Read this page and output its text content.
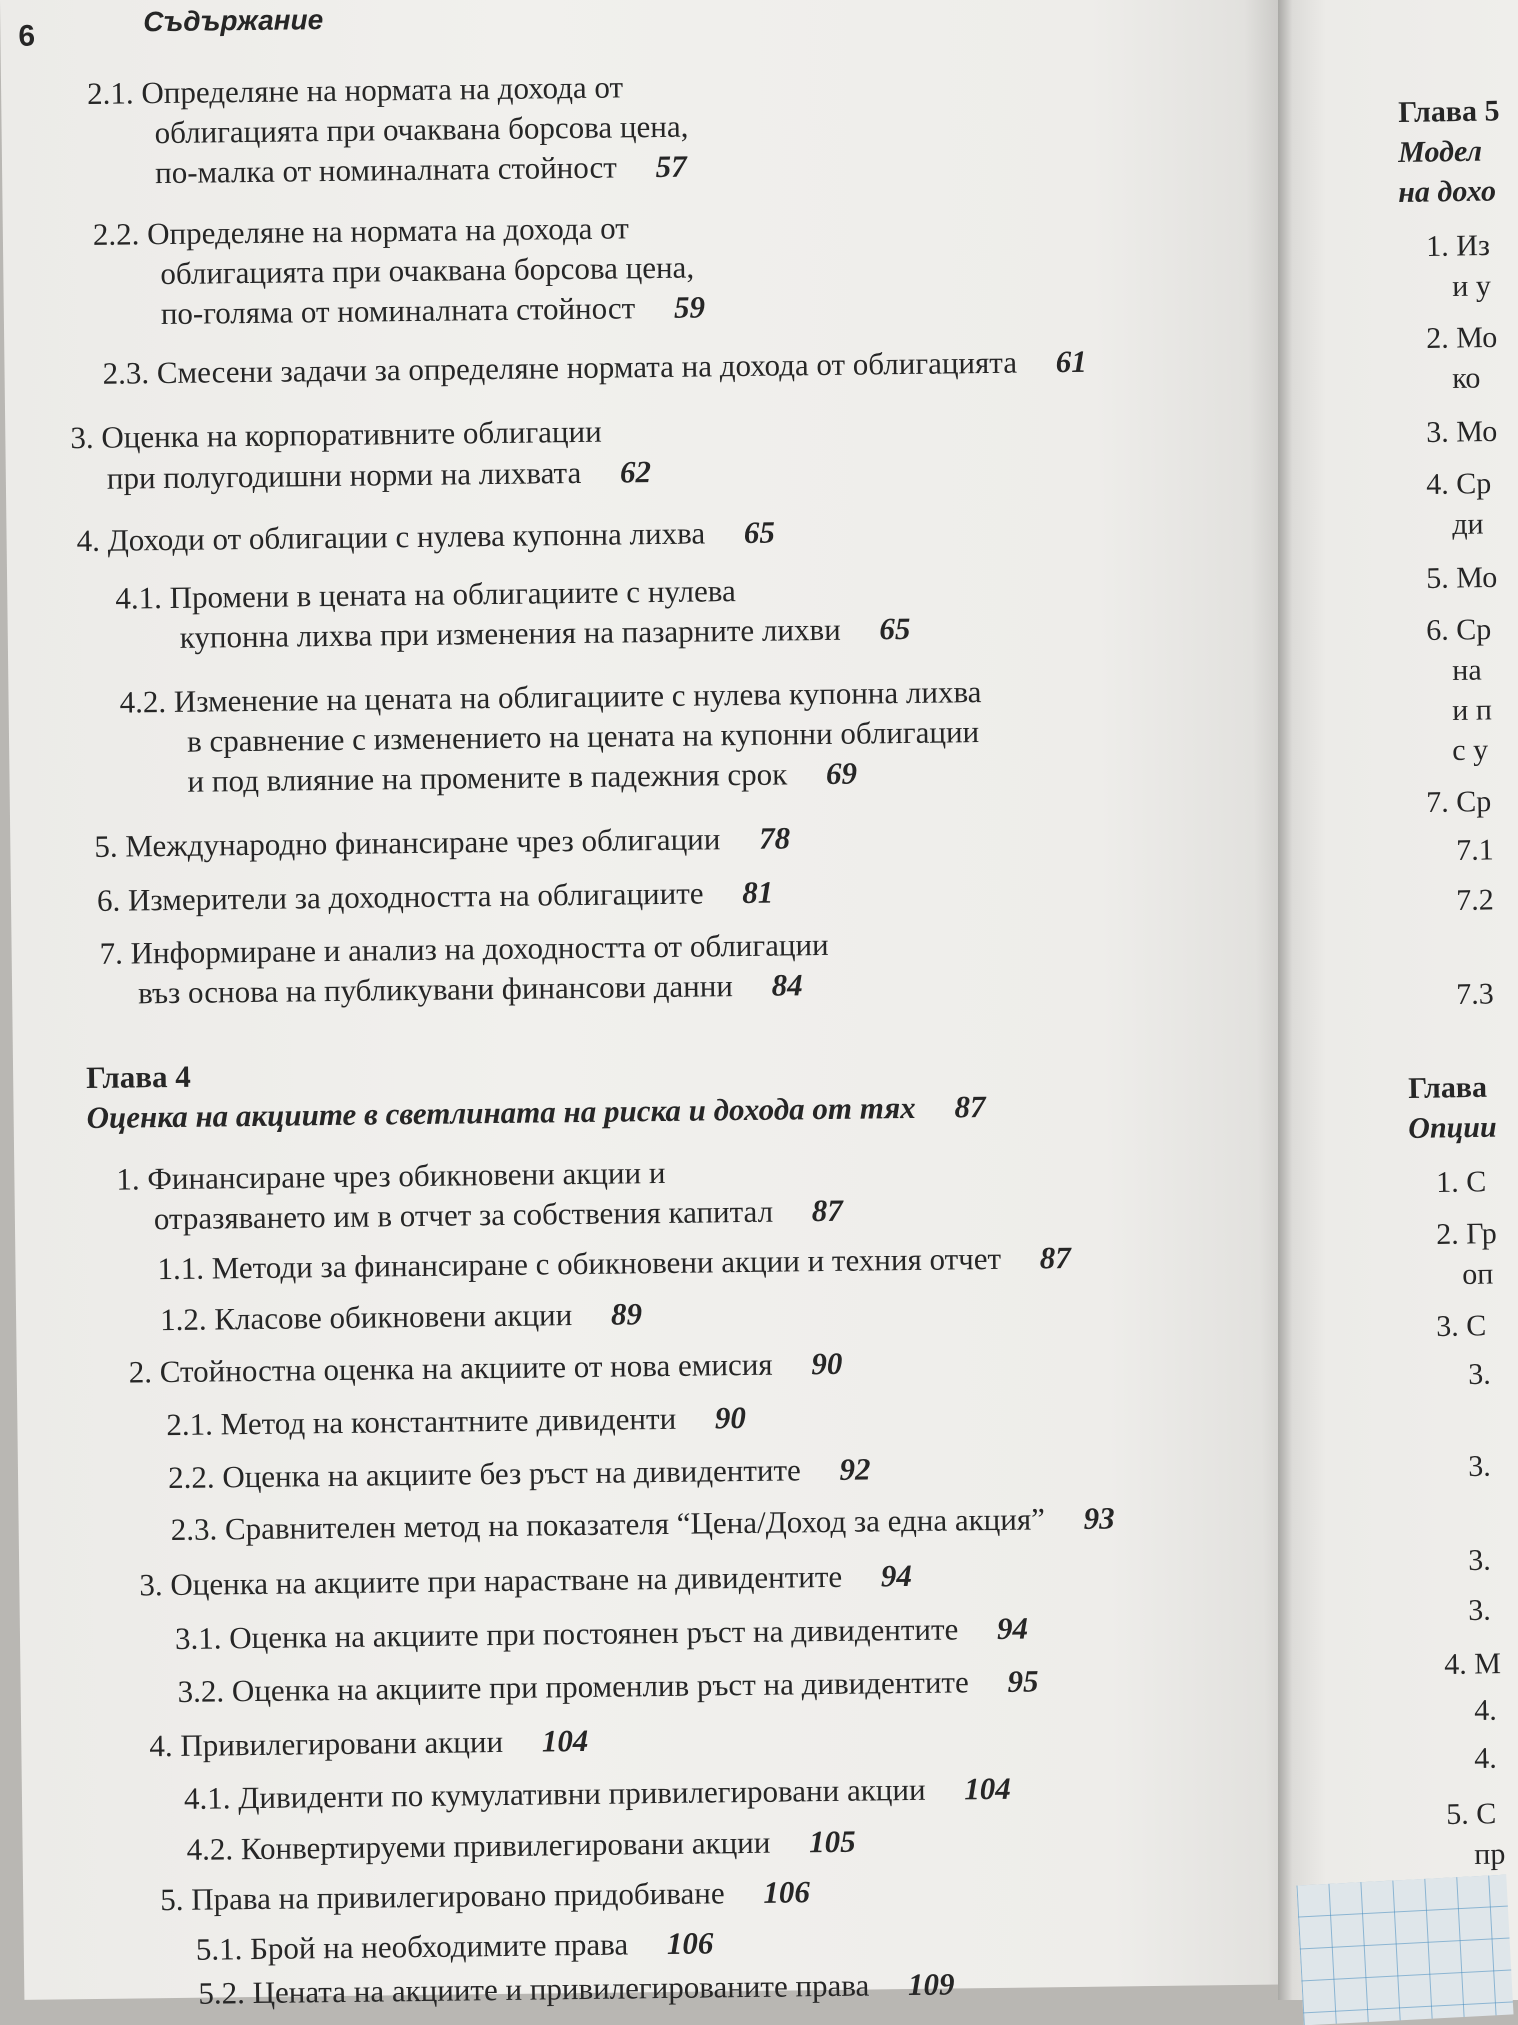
6	Съдържание
2.1. Определяне на нормата на дохода от
облигацията при очаквана борсова цена,
по-малка от номиналната стойност 57
2.2. Определяне на нормата на дохода от
облигацията при очаквана борсова цена,
по-голяма от номиналната стойност 59
2.3. Смесени задачи за определяне нормата на дохода от облигацията 61
3. Оценка на корпоративните облигации
при полугодишни норми на лихвата 62
4. Доходи от облигации с нулева купонна лихва 65
4.1. Промени в цената на облигациите с нулева
купонна лихва при изменения на пазарните лихви 65
4.2. Изменение на цената на облигациите с нулева купонна лихва
в сравнение с изменението на цената на купонни облигации
и под влияние на промените в падежния срок 69
5. Международно финансиране чрез облигации 78
6. Измерители за доходността на облигациите 81
7. Информиране и анализ на доходността от облигации
въз основа на публикувани финансови данни 84
Глава 4
Оценка на акциите в светлината на риска и дохода от тях 87
1. Финансиране чрез обикновени акции и
отразяването им в отчет за собствения капитал 87
1.1. Методи за финансиране с обикновени акции и техния отчет 87
1.2. Класове обикновени акции 89
2. Стойностна оценка на акциите от нова емисия 90
2.1. Метод на константните дивиденти 90
2.2. Оценка на акциите без ръст на дивидентите 92
2.3. Сравнителен метод на показателя “Цена/Доход за една акция” 93
3. Оценка на акциите при нарастване на дивидентите 94
3.1. Оценка на акциите при постоянен ръст на дивидентите 94
3.2. Оценка на акциите при променлив ръст на дивидентите 95
4. Привилегировани акции 104
4.1. Дивиденти по кумулативни привилегировани акции 104
4.2. Конвертируеми привилегировани акции 105
5. Права на привилегировано придобиване 106
5.1. Брой на необходимите права 106
5.2. Цената на акциите и привилегированите права 109
Глава 5
Модел
на дохо
1. Из
и у
2. Мо
ко
3. Мо
4. Ср
ди
5. Мо
6. Ср
на
и п
с у
7. Ср
7.1
7.2
7.3
Глава
Опции
1. С
2. Гр
оп
3. С
3.
3.
3.
3.
4. М
4.
4.
5. С
пр
